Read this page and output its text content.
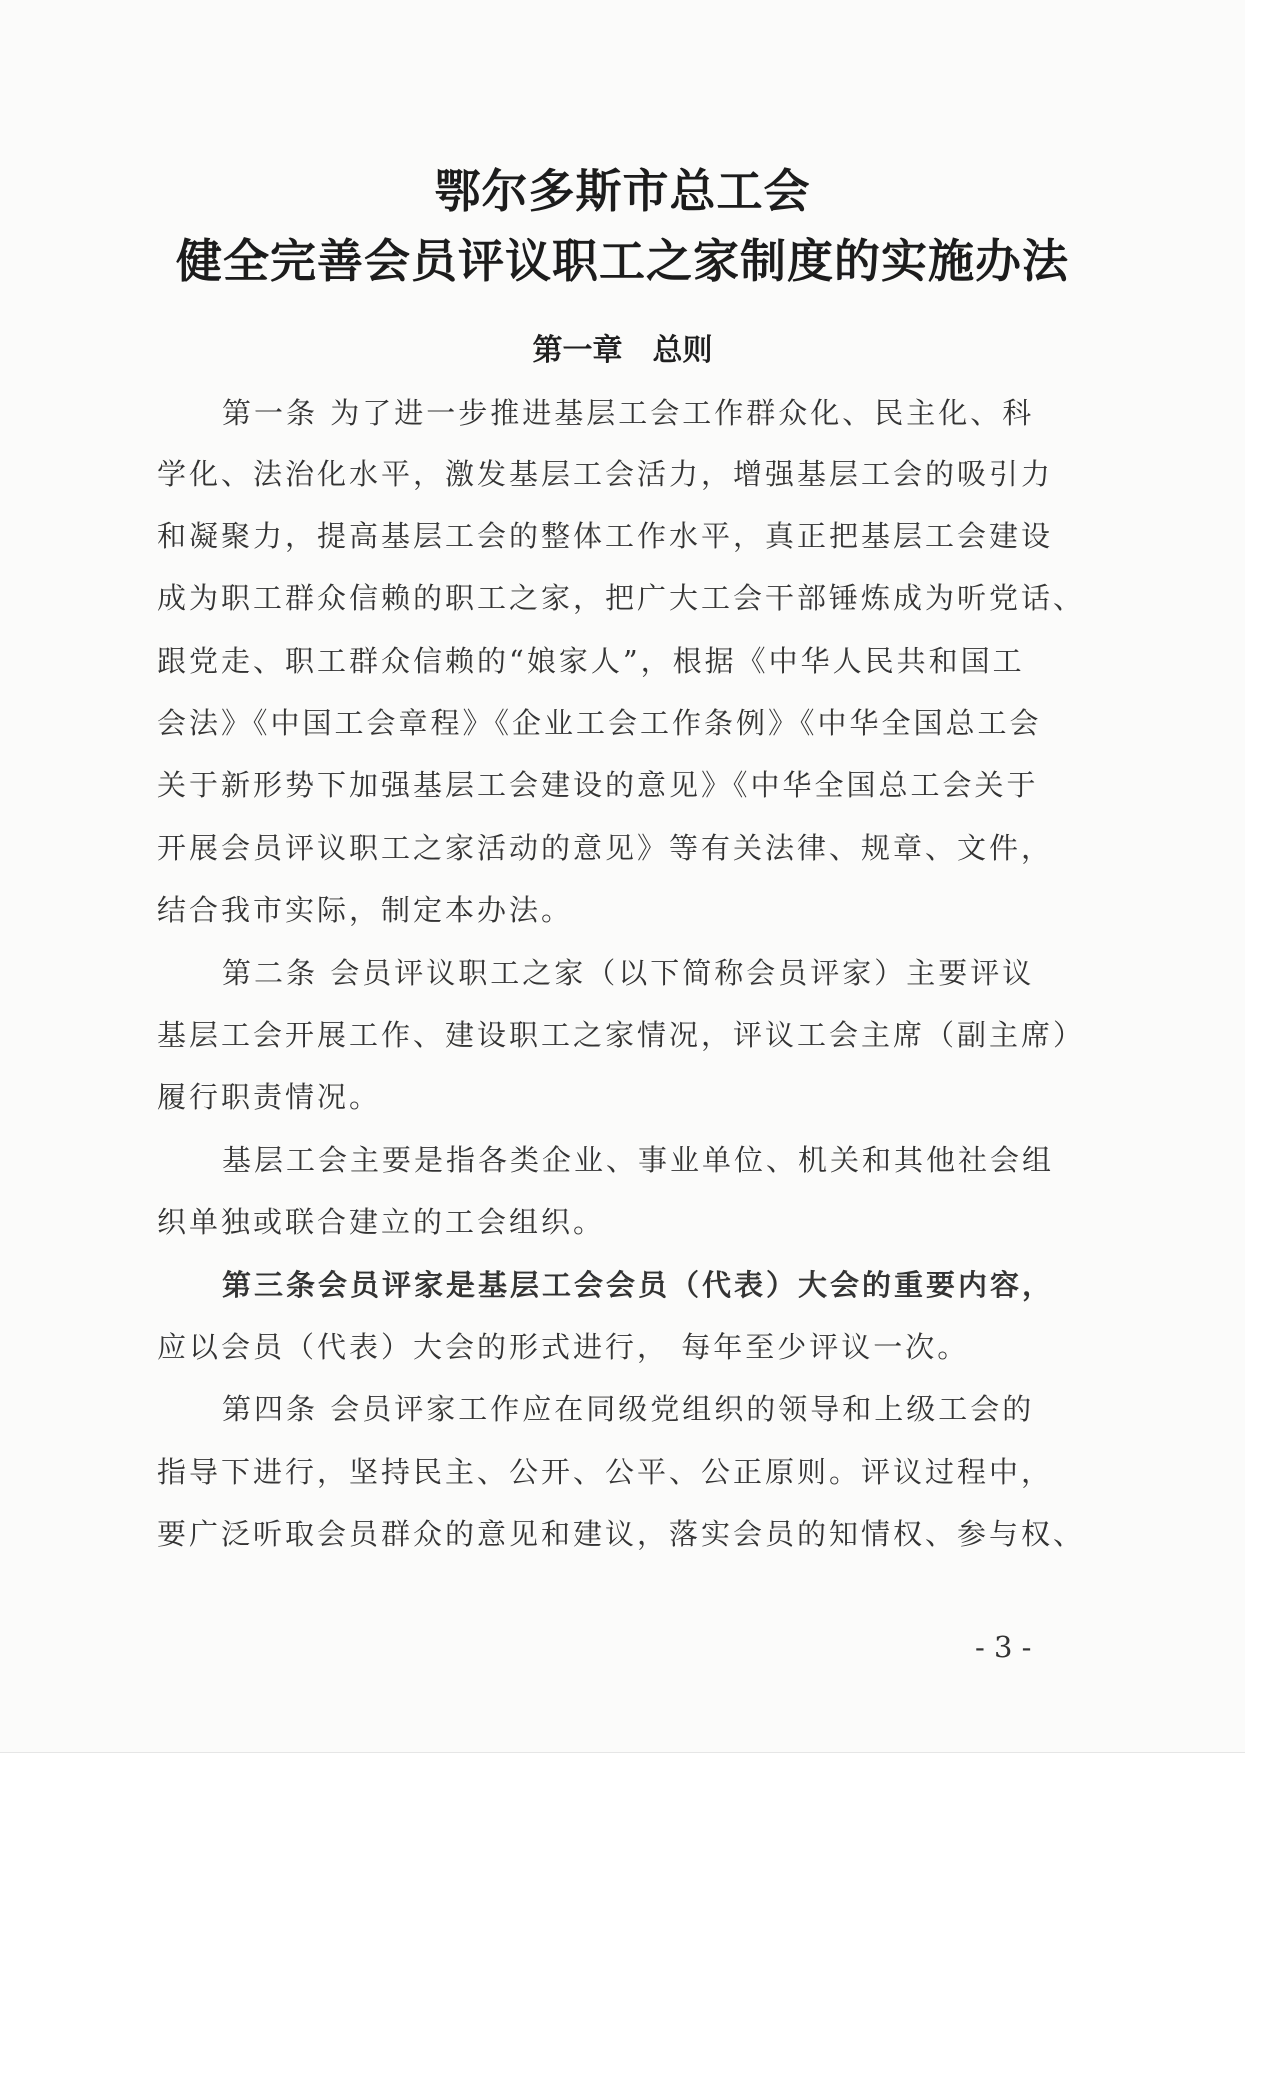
鄂尔多斯市总工会
健全完善会员评议职工之家制度的实施办法
第一章　总则

第一条 为了进一步推进基层工会工作群众化、民主化、科

学化、法治化水平，激发基层工会活力，增强基层工会的吸引力

和凝聚力，提高基层工会的整体工作水平，真正把基层工会建设

成为职工群众信赖的职工之家，把广大工会干部锤炼成为听党话、

跟党走、职工群众信赖的“娘家人”，根据《中华人民共和国工

会法》《中国工会章程》《企业工会工作条例》《中华全国总工会

关于新形势下加强基层工会建设的意见》《中华全国总工会关于

开展会员评议职工之家活动的意见》等有关法律、规章、文件，

结合我市实际，制定本办法。

第二条 会员评议职工之家（以下简称会员评家）主要评议

基层工会开展工作、建设职工之家情况，评议工会主席（副主席）

履行职责情况。

基层工会主要是指各类企业、事业单位、机关和其他社会组

织单独或联合建立的工会组织。

第三条会员评家是基层工会会员（代表）大会的重要内容，

应以会员（代表）大会的形式进行， 每年至少评议一次。

第四条 会员评家工作应在同级党组织的领导和上级工会的

指导下进行，坚持民主、公开、公平、公正原则。评议过程中，

要广泛听取会员群众的意见和建议，落实会员的知情权、参与权、

- 3 -
